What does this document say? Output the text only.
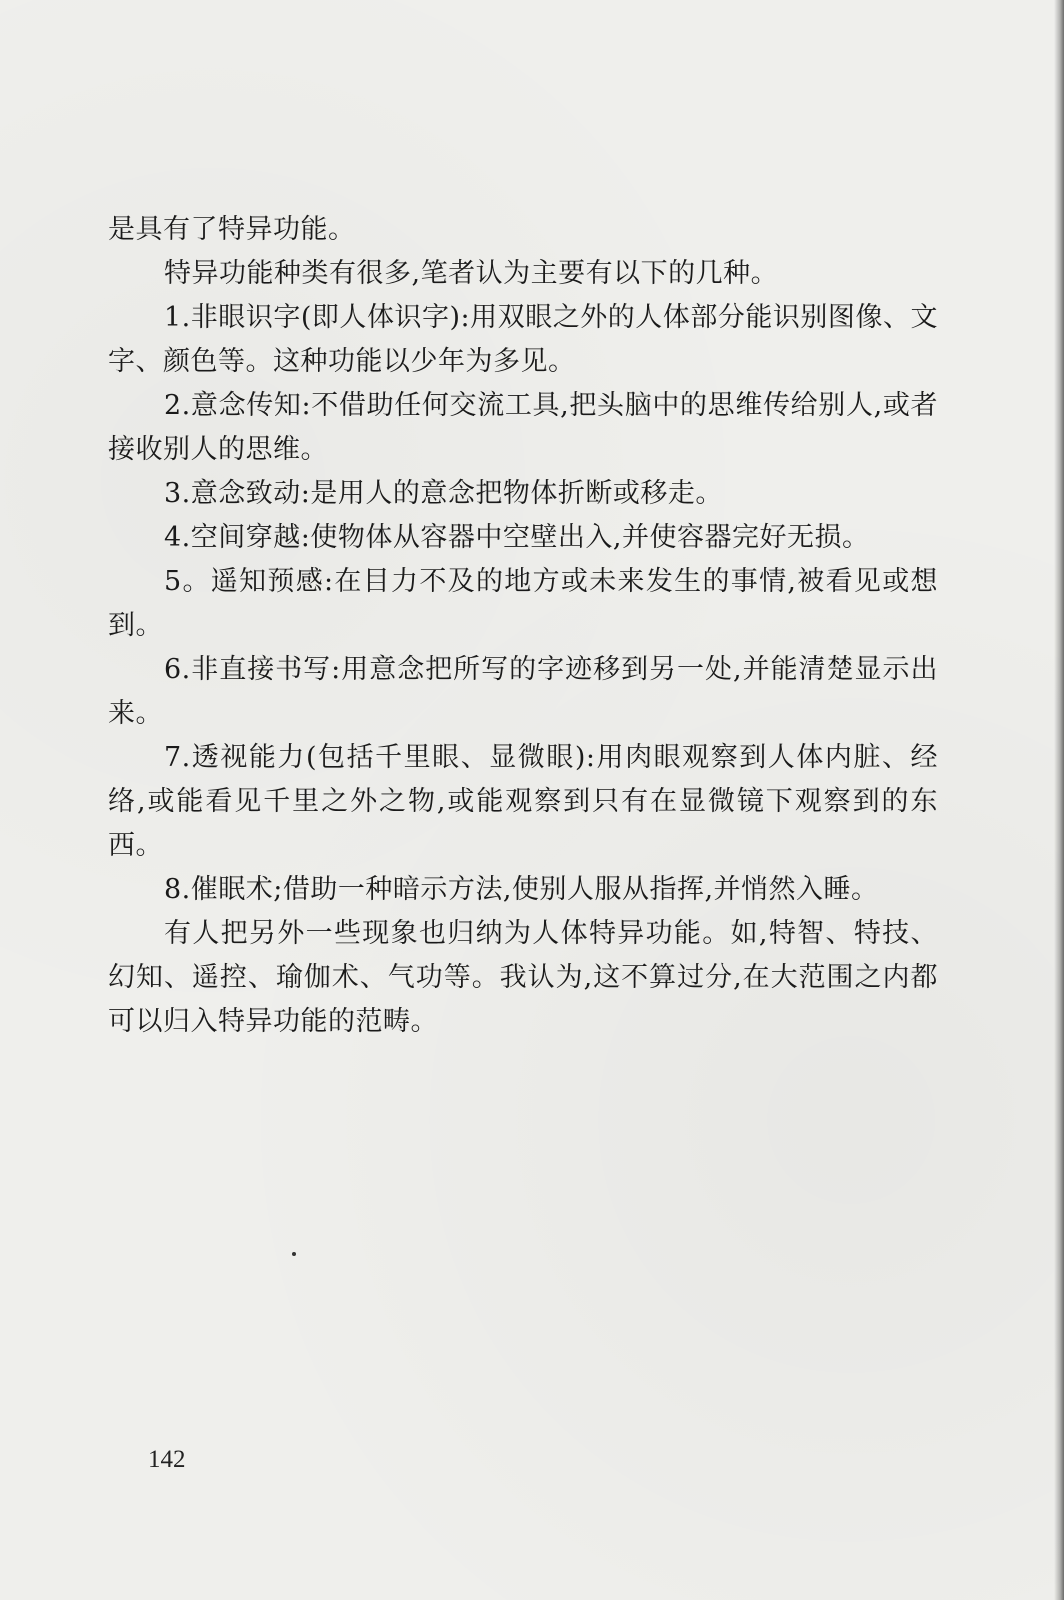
是具有了特异功能。

特异功能种类有很多,笔者认为主要有以下的几种。

1.非眼识字(即人体识字):用双眼之外的人体部分能识别图像、文字、颜色等。这种功能以少年为多见。

2.意念传知:不借助任何交流工具,把头脑中的思维传给别人,或者接收别人的思维。

3.意念致动:是用人的意念把物体折断或移走。

4.空间穿越:使物体从容器中空壁出入,并使容器完好无损。

5。遥知预感:在目力不及的地方或未来发生的事情,被看见或想到。

6.非直接书写:用意念把所写的字迹移到另一处,并能清楚显示出来。

7.透视能力(包括千里眼、显微眼):用肉眼观察到人体内脏、经络,或能看见千里之外之物,或能观察到只有在显微镜下观察到的东西。

8.催眠术;借助一种暗示方法,使别人服从指挥,并悄然入睡。

有人把另外一些现象也归纳为人体特异功能。如,特智、特技、幻知、遥控、瑜伽术、气功等。我认为,这不算过分,在大范围之内都可以归入特异功能的范畴。

142
